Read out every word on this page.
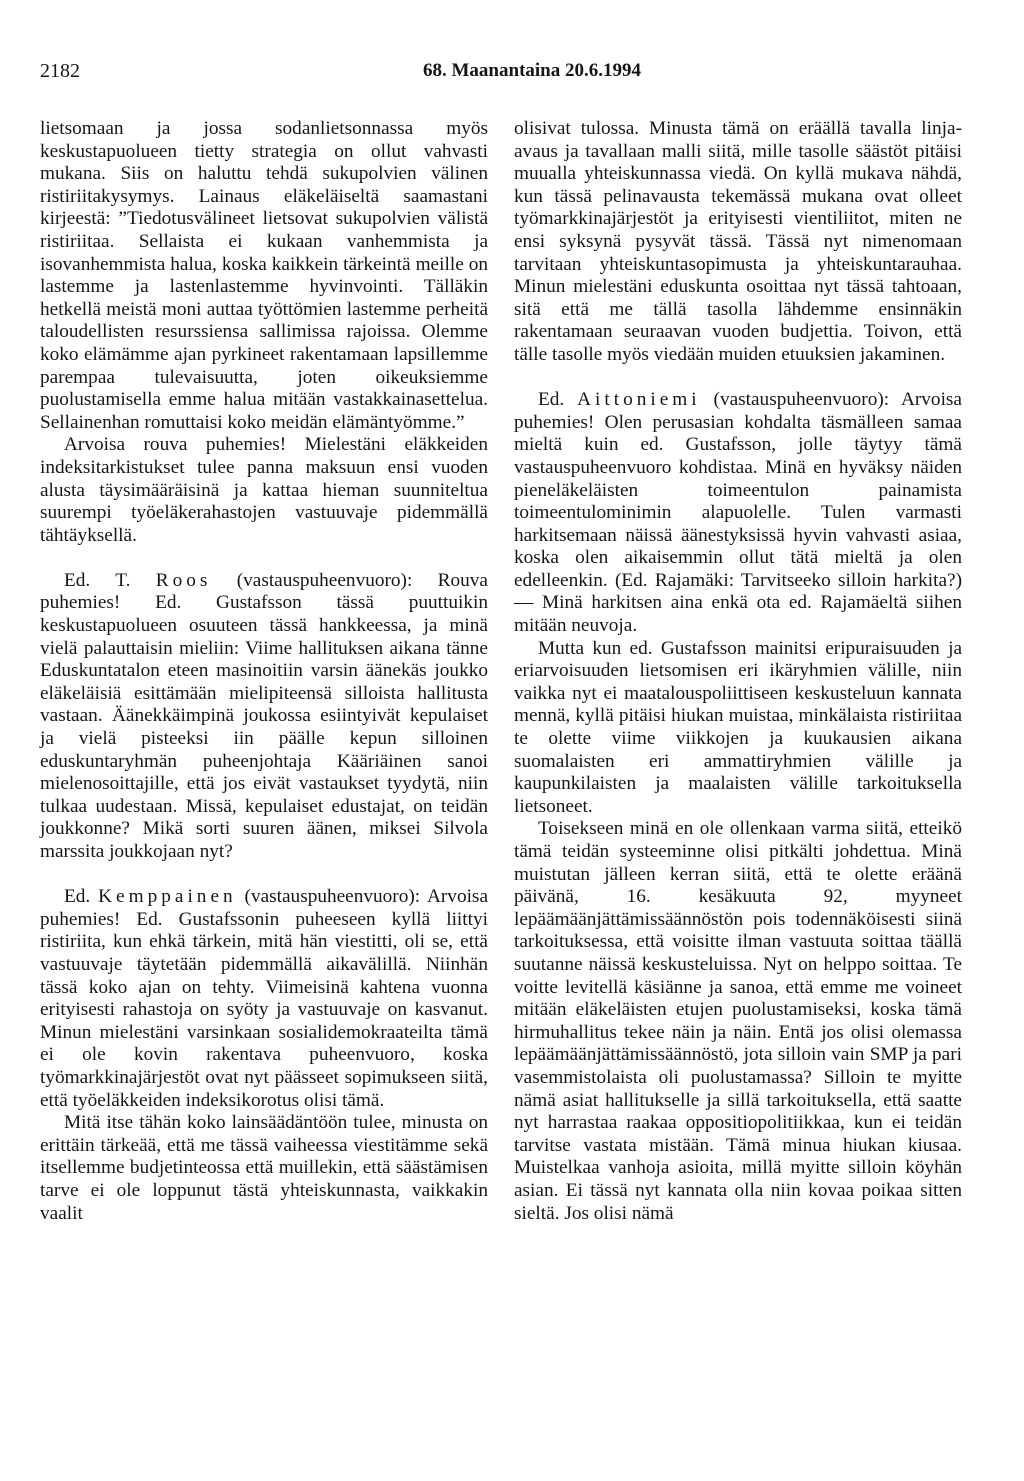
2182	68. Maanantaina 20.6.1994

lietsomaan ja jossa sodanlietsonnassa myös keskustapuolueen tietty strategia on ollut vahvasti mukana. Siis on haluttu tehdä sukupolvien välinen ristiriitakysymys. Lainaus eläkeläiseltä saamastani kirjeestä: ”Tiedotusvälineet lietsovat sukupolvien välistä ristiriitaa. Sellaista ei kukaan vanhemmista ja isovanhemmista halua, koska kaikkein tärkeintä meille on lastemme ja lastenlastemme hyvinvointi. Tälläkin hetkellä meistä moni auttaa työttömien lastemme perheitä taloudellisten resurssiensa sallimissa rajoissa. Olemme koko elämämme ajan pyrkineet rakentamaan lapsillemme parempaa tulevaisuutta, joten oikeuksiemme puolustamisella emme halua mitään vastakkainasettelua. Sellainenhan romuttaisi koko meidän elämäntyömme.”

Arvoisa rouva puhemies! Mielestäni eläkkeiden indeksitarkistukset tulee panna maksuun ensi vuoden alusta täysimääräisinä ja kattaa hieman suunniteltua suurempi työeläkerahastojen vastuuvaje pidemmällä tähtäyksellä.

Ed. T. Roos (vastauspuheenvuoro): Rouva puhemies! Ed. Gustafsson tässä puuttuikin keskustapuolueen osuuteen tässä hankkeessa, ja minä vielä palauttaisin mieliin: Viime hallituksen aikana tänne Eduskuntatalon eteen masinoitiin varsin äänekäs joukko eläkeläisiä esittämään mielipiteensä silloista hallitusta vastaan. Äänekkäimpinä joukossa esiintyivät kepulaiset ja vielä pisteeksi iin päälle kepun silloinen eduskuntaryhmän puheenjohtaja Kääriäinen sanoi mielenosoittajille, että jos eivät vastaukset tyydytä, niin tulkaa uudestaan. Missä, kepulaiset edustajat, on teidän joukkonne? Mikä sorti suuren äänen, miksei Silvola marssita joukkojaan nyt?

Ed. Kemppainen (vastauspuheenvuoro): Arvoisa puhemies! Ed. Gustafssonin puheeseen kyllä liittyi ristiriita, kun ehkä tärkein, mitä hän viestitti, oli se, että vastuuvaje täytetään pidemmällä aikavälillä. Niinhän tässä koko ajan on tehty. Viimeisinä kahtena vuonna erityisesti rahastoja on syöty ja vastuuvaje on kasvanut. Minun mielestäni varsinkaan sosialidemokraateilta tämä ei ole kovin rakentava puheenvuoro, koska työmarkkinajärjestöt ovat nyt päässeet sopimukseen siitä, että työeläkkeiden indeksikorotus olisi tämä.

Mitä itse tähän koko lainsäädäntöön tulee, minusta on erittäin tärkeää, että me tässä vaiheessa viestitämme sekä itsellemme budjetinteossa että muillekin, että säästämisen tarve ei ole loppunut tästä yhteiskunnasta, vaikkakin vaalit

olisivat tulossa. Minusta tämä on eräällä tavalla linja-avaus ja tavallaan malli siitä, mille tasolle säästöt pitäisi muualla yhteiskunnassa viedä. On kyllä mukava nähdä, kun tässä pelinavausta tekemässä mukana ovat olleet työmarkkinajärjestöt ja erityisesti vientiliitot, miten ne ensi syksynä pysyvät tässä. Tässä nyt nimenomaan tarvitaan yhteiskuntasopimusta ja yhteiskuntarauhaa. Minun mielestäni eduskunta osoittaa nyt tässä tahtoaan, sitä että me tällä tasolla lähdemme ensinnäkin rakentamaan seuraavan vuoden budjettia. Toivon, että tälle tasolle myös viedään muiden etuuksien jakaminen.

Ed. Aittoniemi (vastauspuheenvuoro): Arvoisa puhemies! Olen perusasian kohdalta täsmälleen samaa mieltä kuin ed. Gustafsson, jolle täytyy tämä vastauspuheenvuoro kohdistaa. Minä en hyväksy näiden pieneläkeläisten toimeentulon painamista toimeentulominimin alapuolelle. Tulen varmasti harkitsemaan näissä äänestyksissä hyvin vahvasti asiaa, koska olen aikaisemmin ollut tätä mieltä ja olen edelleenkin. (Ed. Rajamäki: Tarvitseeko silloin harkita?) — Minä harkitsen aina enkä ota ed. Rajamäeltä siihen mitään neuvoja.

Mutta kun ed. Gustafsson mainitsi eripuraisuuden ja eriarvoisuuden lietsomisen eri ikäryhmien välille, niin vaikka nyt ei maatalouspoliittiseen keskusteluun kannata mennä, kyllä pitäisi hiukan muistaa, minkälaista ristiriitaa te olette viime viikkojen ja kuukausien aikana suomalaisten eri ammattiryhmien välille ja kaupunkilaisten ja maalaisten välille tarkoituksella lietsoneet.

Toisekseen minä en ole ollenkaan varma siitä, etteikö tämä teidän systeeminne olisi pitkälti johdettua. Minä muistutan jälleen kerran siitä, että te olette eräänä päivänä, 16. kesäkuuta 92, myyneet lepäämäänjättämissäännöstön pois todennäköisesti siinä tarkoituksessa, että voisitte ilman vastuuta soittaa täällä suutanne näissä keskusteluissa. Nyt on helppo soittaa. Te voitte levitellä käsiänne ja sanoa, että emme me voineet mitään eläkeläisten etujen puolustamiseksi, koska tämä hirmuhallitus tekee näin ja näin. Entä jos olisi olemassa lepäämäänjättämissäännöstö, jota silloin vain SMP ja pari vasemmistolaista oli puolustamassa? Silloin te myitte nämä asiat hallitukselle ja sillä tarkoituksella, että saatte nyt harrastaa raakaa oppositiopolitiikkaa, kun ei teidän tarvitse vastata mistään. Tämä minua hiukan kiusaa. Muistelkaa vanhoja asioita, millä myitte silloin köyhän asian. Ei tässä nyt kannata olla niin kovaa poikaa sitten sieltä. Jos olisi nämä
